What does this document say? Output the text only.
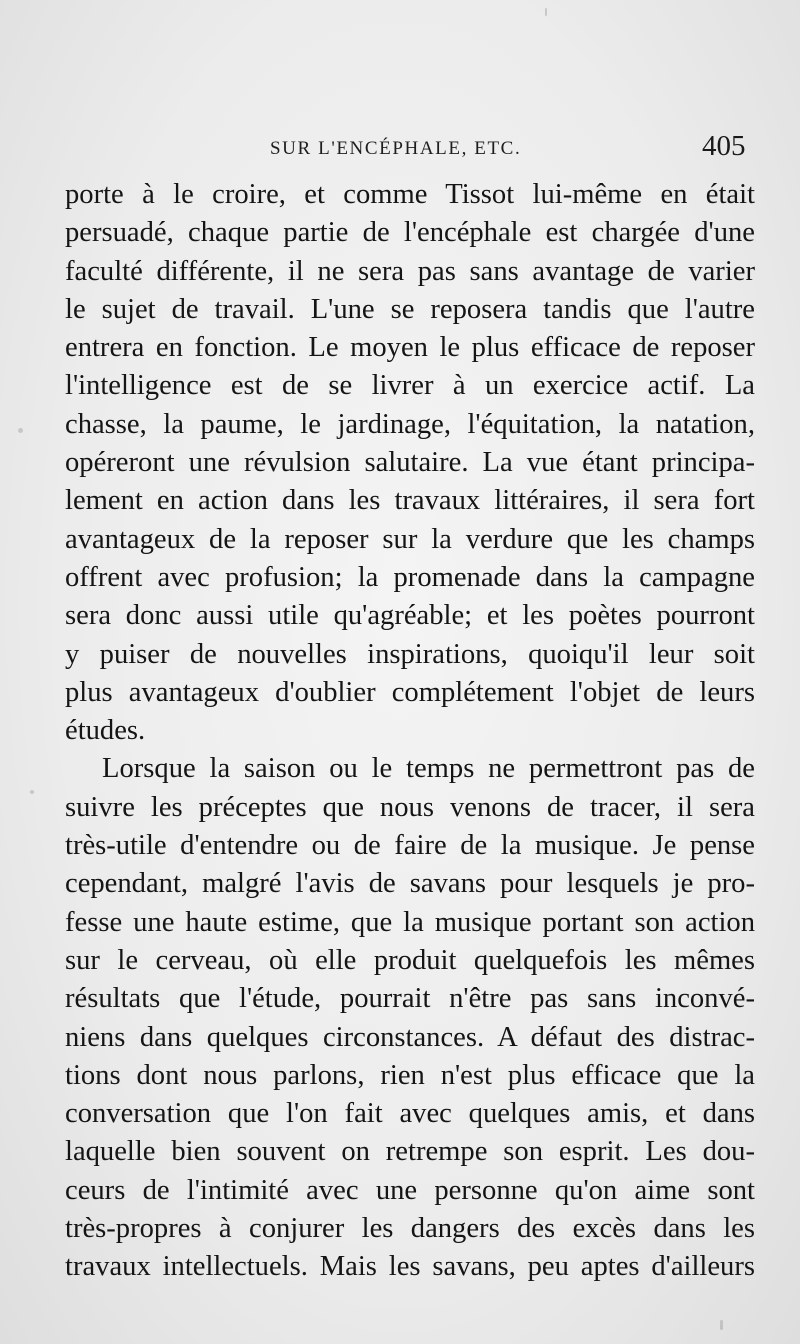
SUR L'ENCÉPHALE, ETC.	405
porte à le croire, et comme Tissot lui-même en était
persuadé, chaque partie de l'encéphale est chargée d'une
faculté différente, il ne sera pas sans avantage de varier
le sujet de travail. L'une se reposera tandis que l'autre
entrera en fonction. Le moyen le plus efficace de reposer
l'intelligence est de se livrer à un exercice actif. La
chasse, la paume, le jardinage, l'équitation, la natation,
opéreront une révulsion salutaire. La vue étant principa-
lement en action dans les travaux littéraires, il sera fort
avantageux de la reposer sur la verdure que les champs
offrent avec profusion; la promenade dans la campagne
sera donc aussi utile qu'agréable; et les poètes pourront
y puiser de nouvelles inspirations, quoiqu'il leur soit
plus avantageux d'oublier complétement l'objet de leurs
études.
Lorsque la saison ou le temps ne permettront pas de
suivre les préceptes que nous venons de tracer, il sera
très-utile d'entendre ou de faire de la musique. Je pense
cependant, malgré l'avis de savans pour lesquels je pro-
fesse une haute estime, que la musique portant son action
sur le cerveau, où elle produit quelquefois les mêmes
résultats que l'étude, pourrait n'être pas sans inconvé-
niens dans quelques circonstances. A défaut des distrac-
tions dont nous parlons, rien n'est plus efficace que la
conversation que l'on fait avec quelques amis, et dans
laquelle bien souvent on retrempe son esprit. Les dou-
ceurs de l'intimité avec une personne qu'on aime sont
très-propres à conjurer les dangers des excès dans les
travaux intellectuels. Mais les savans, peu aptes d'ailleurs
